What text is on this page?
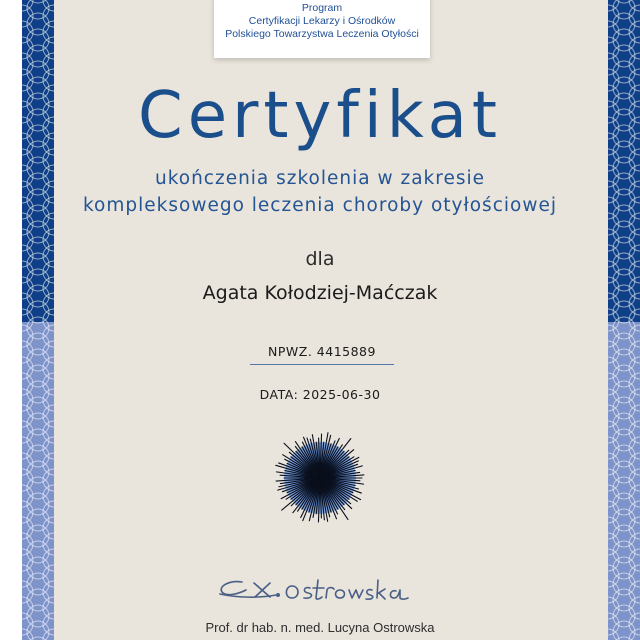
Program
Certyfikacji Lekarzy i Ośrodków
Polskiego Towarzystwa Leczenia Otyłości
Certyfikat
ukończenia szkolenia w zakresie
kompleksowego leczenia choroby otyłościowej
dla
Agata Kołodziej-Maćczak
NPWZ. 4415889
DATA: 2025-06-30
Prof. dr hab. n. med. Lucyna Ostrowska
